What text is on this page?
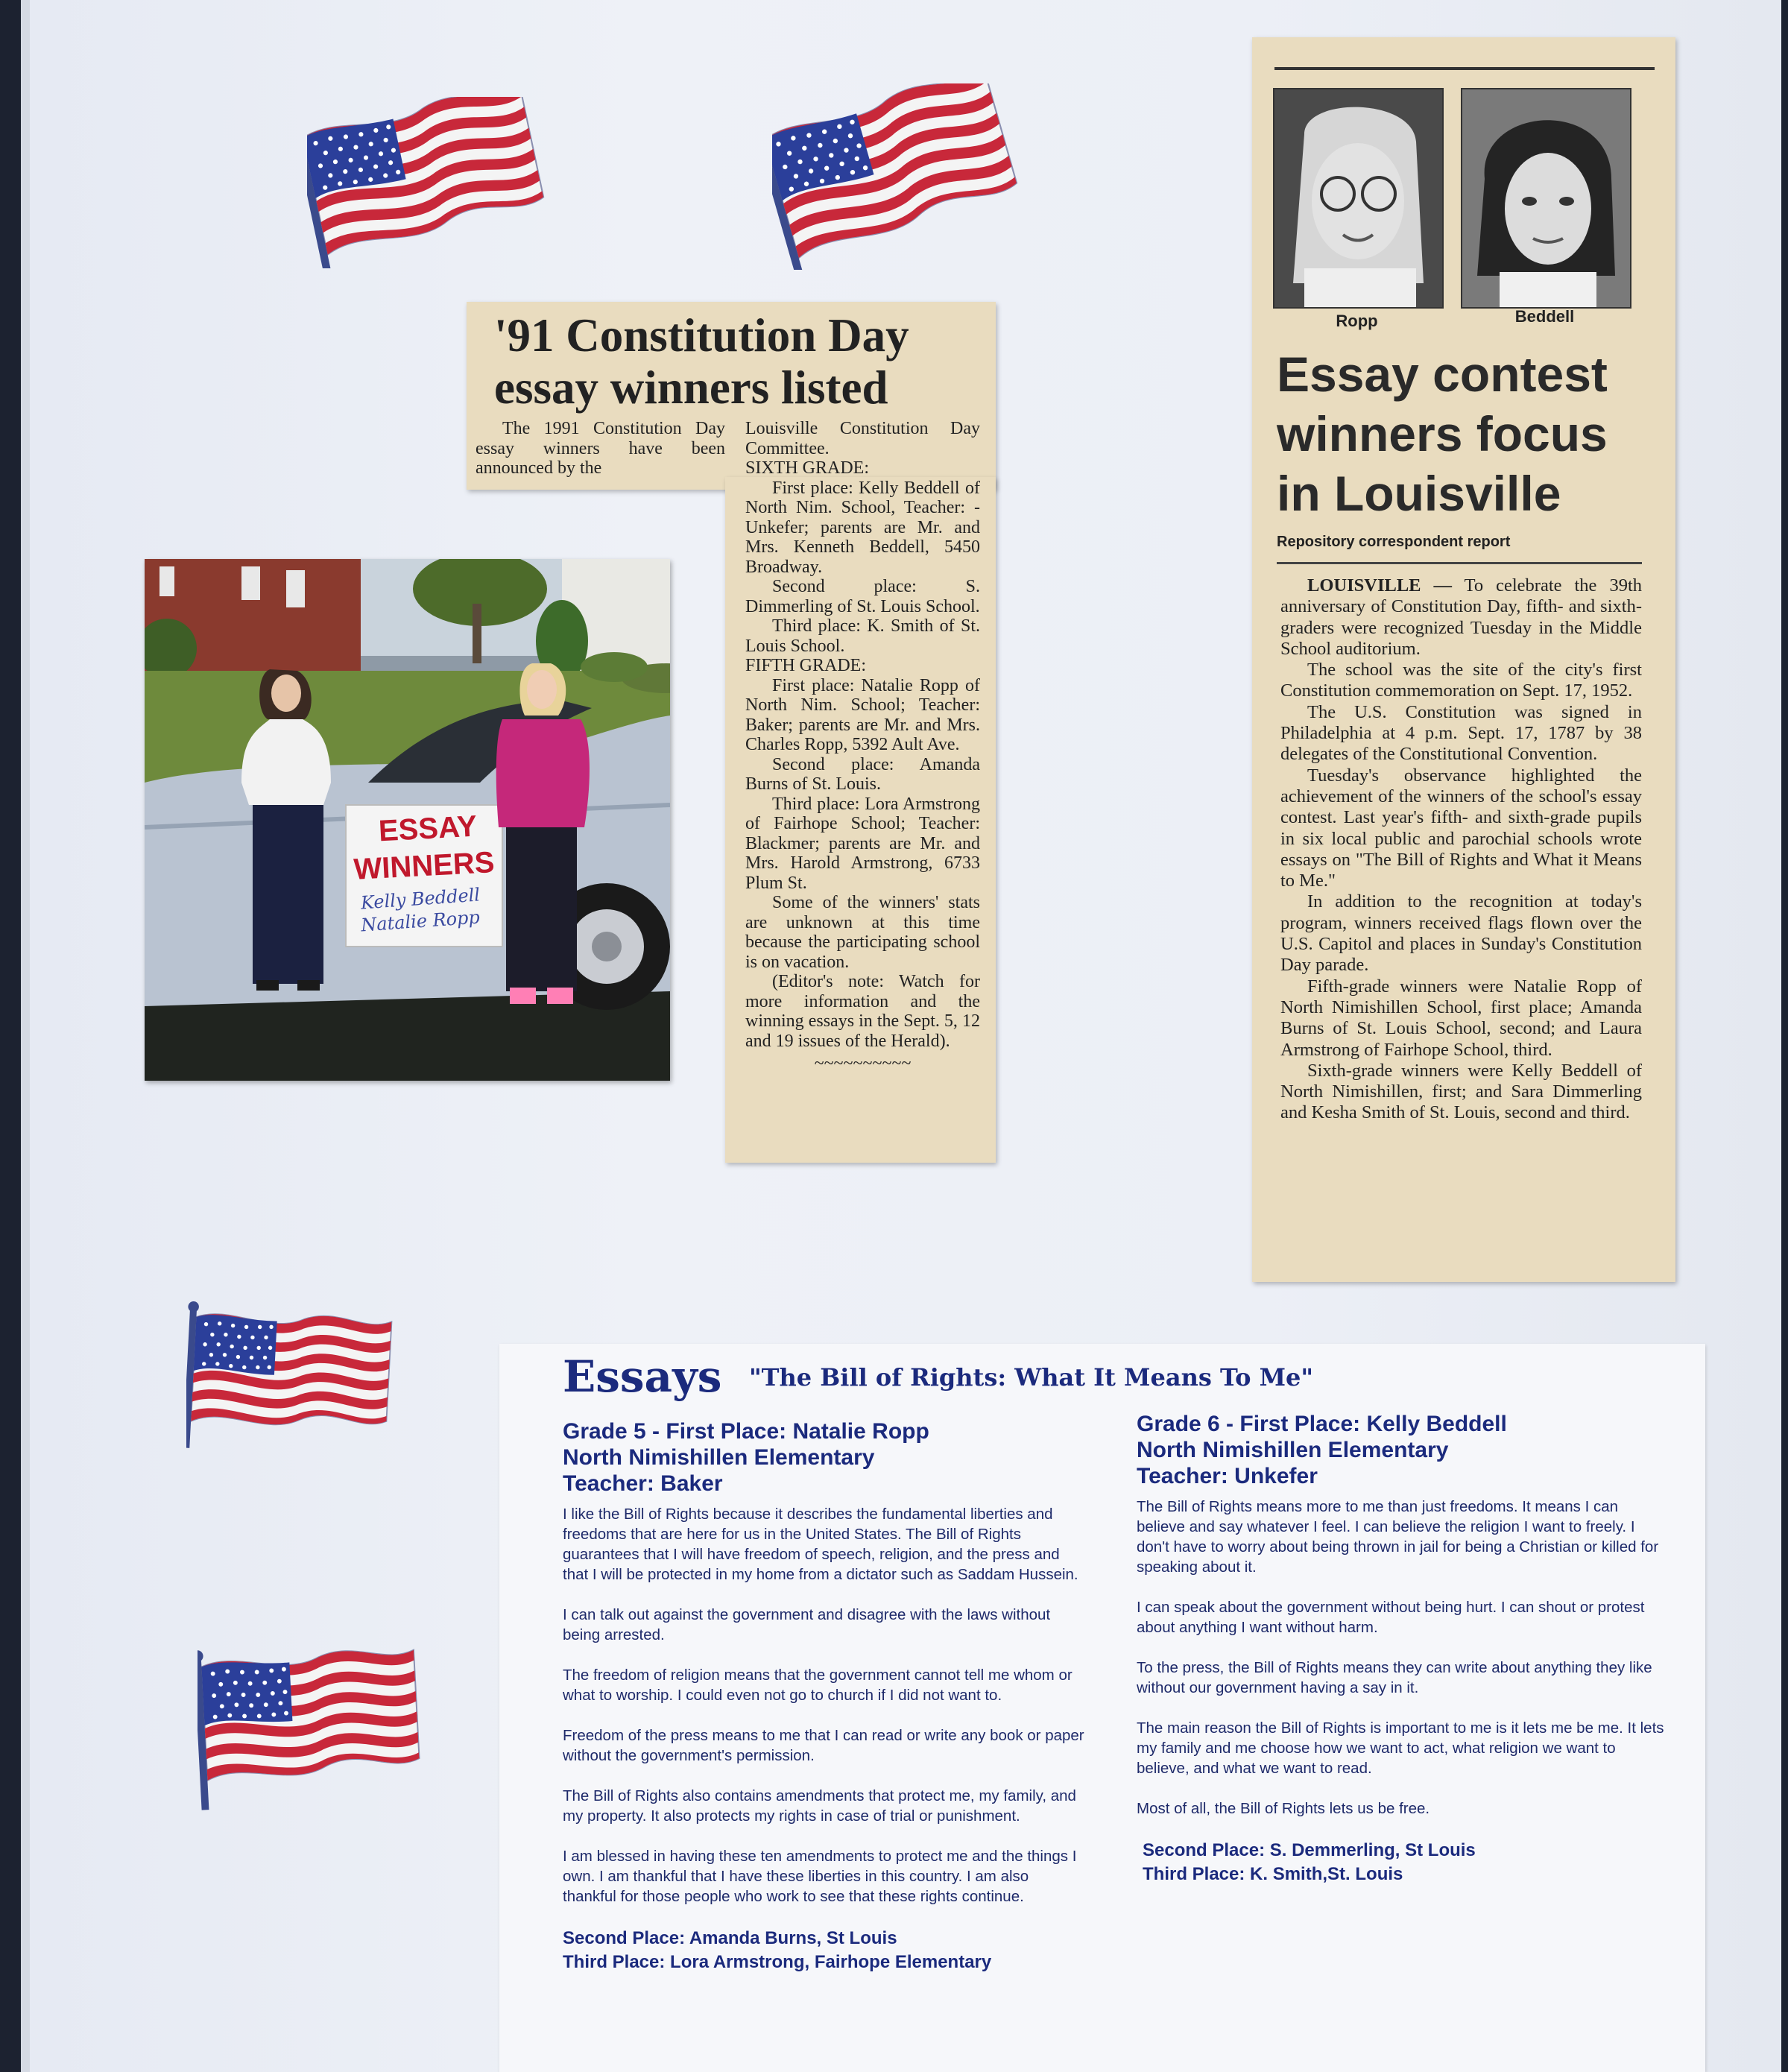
'91 Constitution Day essay winners listed

The 1991 Constitution Day essay winners have been announced by the

Louisville Constitution Day Committee.

SIXTH GRADE:

First place: Kelly Beddell of North Nim. School, Teacher: - Unkefer; parents are Mr. and Mrs. Kenneth Beddell, 5450 Broadway.

Second place: S. Dimmerling of St. Louis School.

Third place: K. Smith of St. Louis School.

FIFTH GRADE:

First place: Natalie Ropp of North Nim. School; Teacher: Baker; parents are Mr. and Mrs. Charles Ropp, 5392 Ault Ave.

Second place: Amanda Burns of St. Louis.

Third place: Lora Armstrong of Fairhope School; Teacher: Blackmer; parents are Mr. and Mrs. Harold Armstrong, 6733 Plum St.

Some of the winners' stats are unknown at this time because the participating school is on vacation.

(Editor's note: Watch for more information and the winning essays in the Sept. 5, 12 and 19 issues of the Herald).

~~~~~~~~~~
ESSAY
WINNERS
Kelly Beddell
Natalie Ropp
Ropp	Beddell
Essay contest winners focus in Louisville
Repository correspondent report

LOUISVILLE — To celebrate the 39th anniversary of Constitution Day, fifth- and sixth-graders were recognized Tuesday in the Middle School auditorium.

The school was the site of the city's first Constitution commemoration on Sept. 17, 1952.

The U.S. Constitution was signed in Philadelphia at 4 p.m. Sept. 17, 1787 by 38 delegates of the Constitutional Convention.

Tuesday's observance highlighted the achievement of the winners of the school's essay contest. Last year's fifth- and sixth-grade pupils in six local public and parochial schools wrote essays on "The Bill of Rights and What it Means to Me."

In addition to the recognition at today's program, winners received flags flown over the U.S. Capitol and places in Sunday's Constitution Day parade.

Fifth-grade winners were Natalie Ropp of North Nimishillen School, first place; Amanda Burns of St. Louis School, second; and Laura Armstrong of Fairhope School, third.

Sixth-grade winners were Kelly Beddell of North Nimishillen, first; and Sara Dimmerling and Kesha Smith of St. Louis, second and third.

Essays "The Bill of Rights: What It Means To Me"
Grade 5 - First Place: Natalie Ropp
North Nimishillen Elementary
Teacher: Baker

I like the Bill of Rights because it describes the fundamental liberties and freedoms that are here for us in the United States. The Bill of Rights guarantees that I will have freedom of speech, religion, and the press and that I will be protected in my home from a dictator such as Saddam Hussein.

I can talk out against the government and disagree with the laws without being arrested.

The freedom of religion means that the government cannot tell me whom or what to worship. I could even not go to church if I did not want to.

Freedom of the press means to me that I can read or write any book or paper without the government's permission.

The Bill of Rights also contains amendments that protect me, my family, and my property. It also protects my rights in case of trial or punishment.

I am blessed in having these ten amendments to protect me and the things I own. I am thankful that I have these liberties in this country. I am also thankful for those people who work to see that these rights continue.

Second Place: Amanda Burns, St Louis
Third Place: Lora Armstrong, Fairhope Elementary
Grade 6 - First Place: Kelly Beddell
North Nimishillen Elementary
Teacher: Unkefer

The Bill of Rights means more to me than just freedoms. It means I can believe and say whatever I feel. I can believe the religion I want to freely. I don't have to worry about being thrown in jail for being a Christian or killed for speaking about it.

I can speak about the government without being hurt. I can shout or protest about anything I want without harm.

To the press, the Bill of Rights means they can write about anything they like without our government having a say in it.

The main reason the Bill of Rights is important to me is it lets me be me. It lets my family and me choose how we want to act, what religion we want to believe, and what we want to read.

Most of all, the Bill of Rights lets us be free.

Second Place: S. Demmerling, St Louis
Third Place: K. Smith,St. Louis
